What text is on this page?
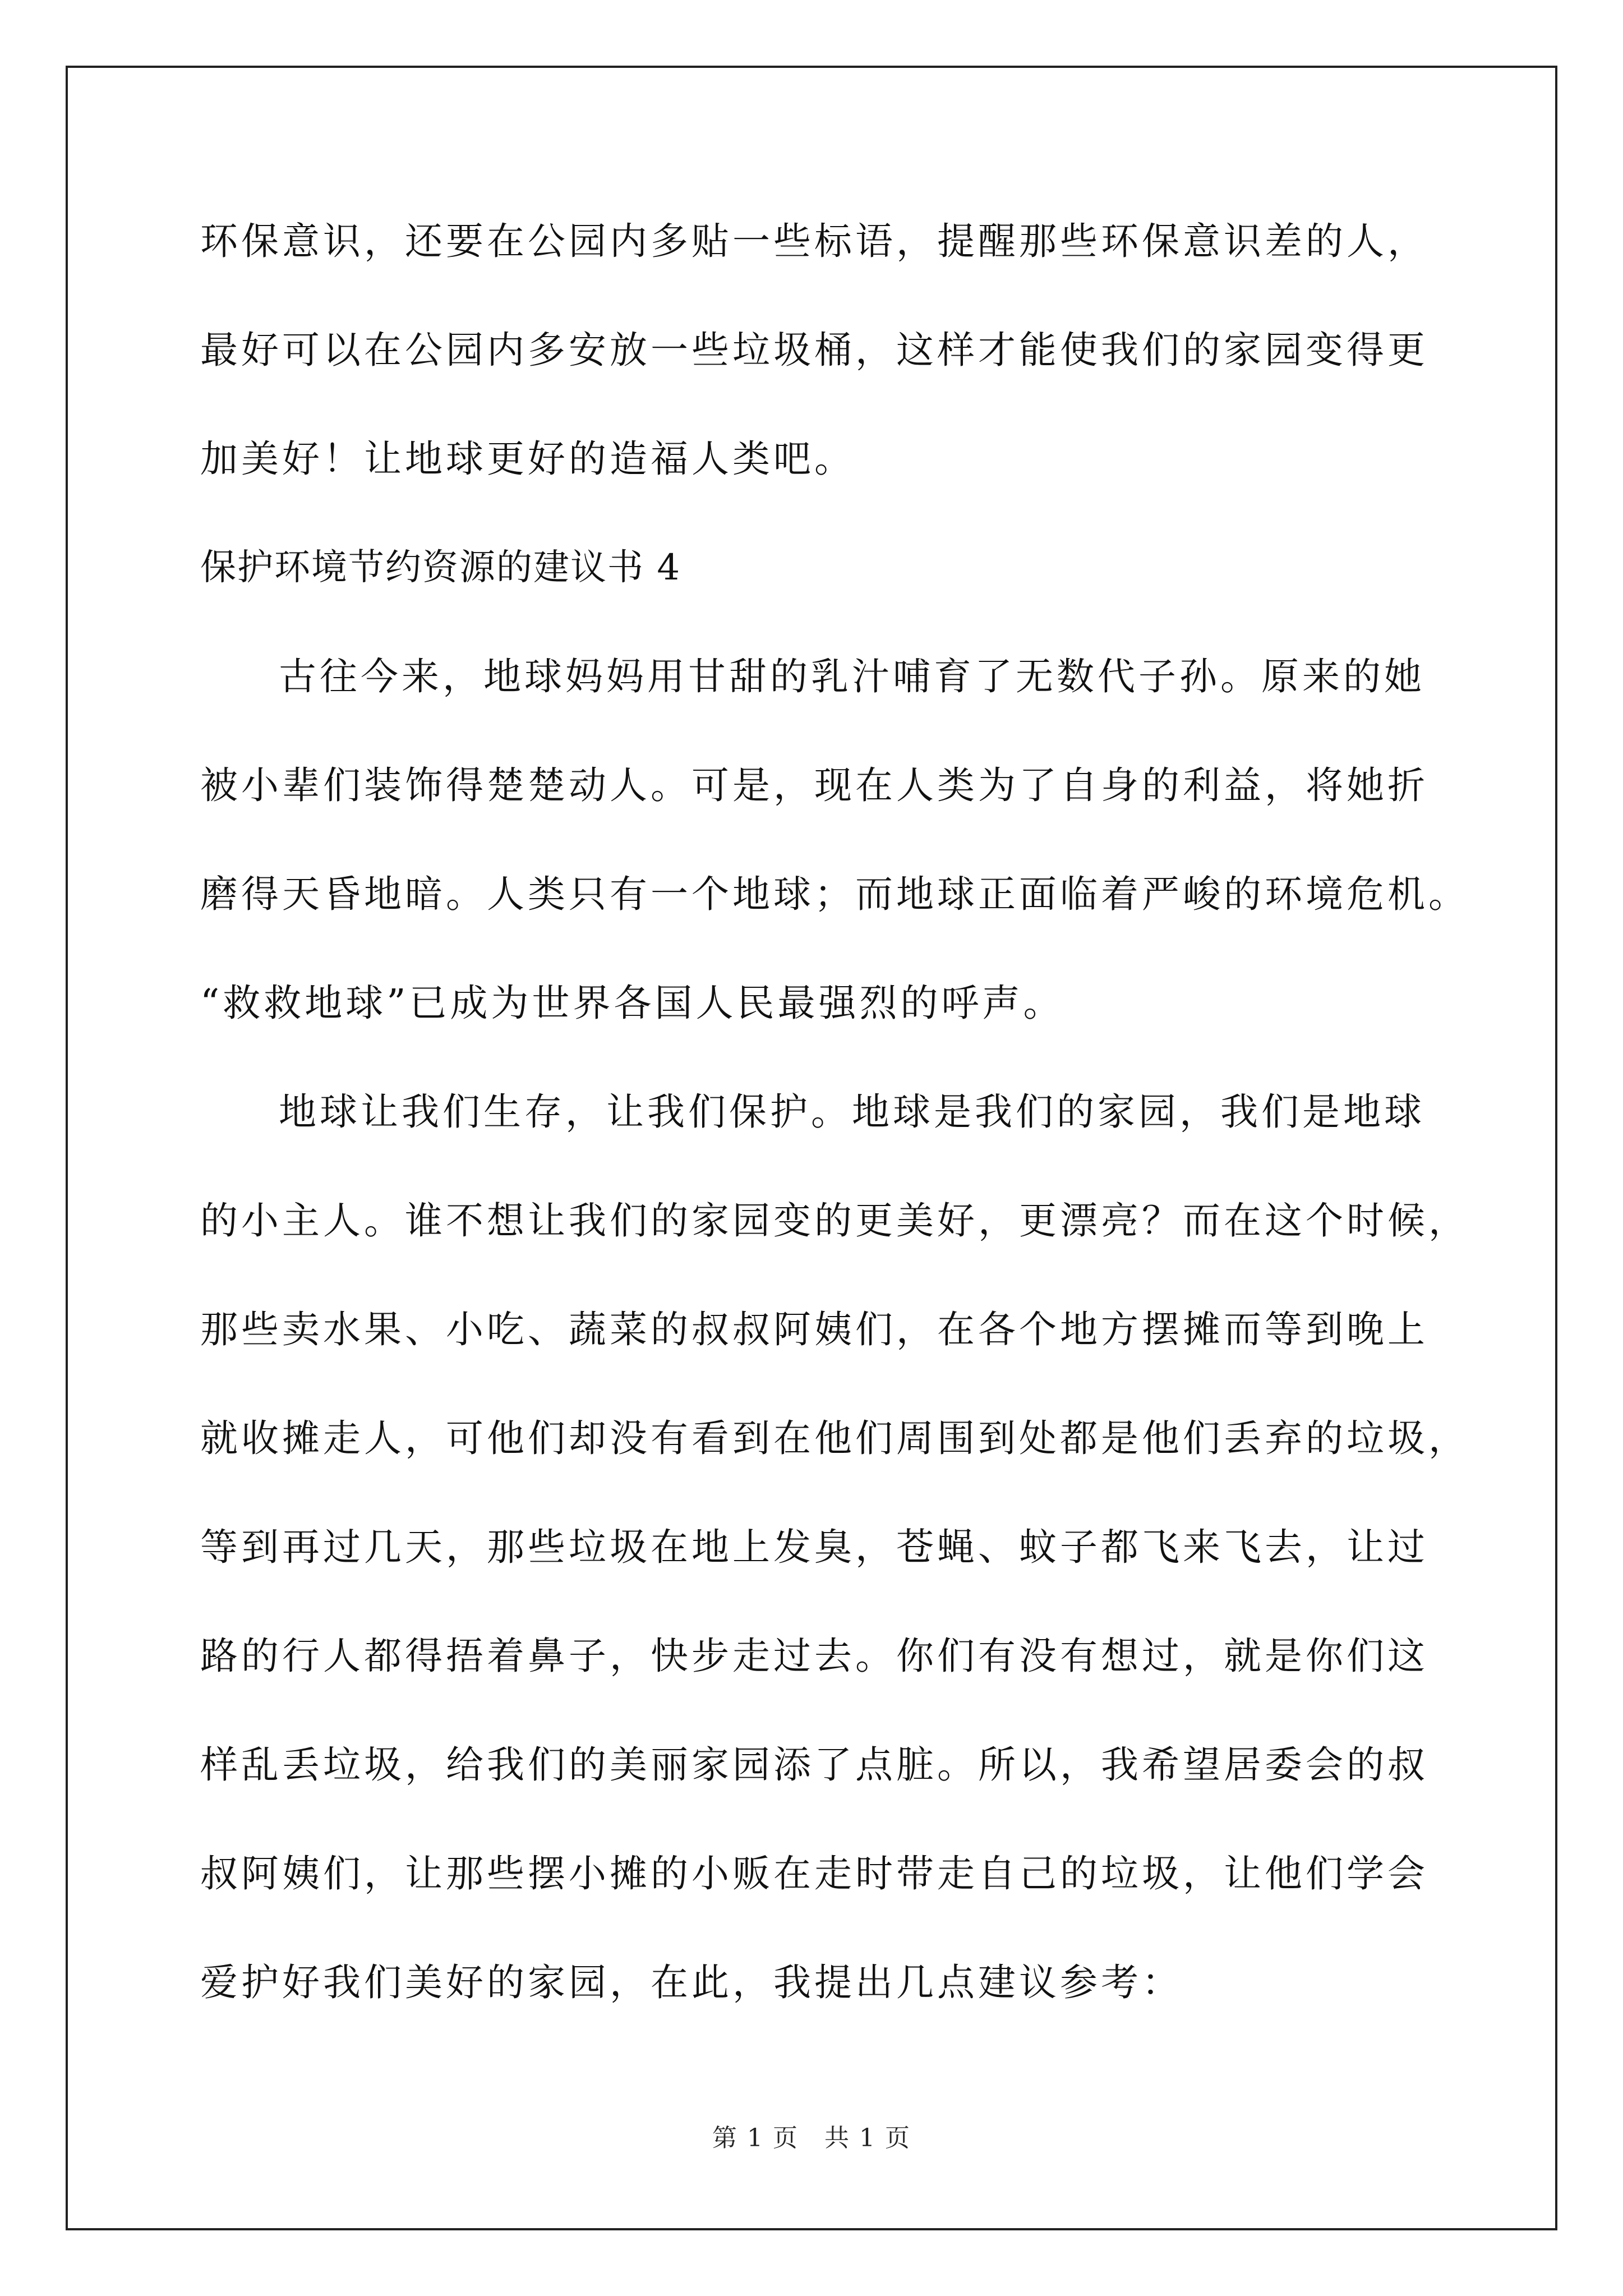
环保意识，还要在公园内多贴一些标语，提醒那些环保意识差的人，
最好可以在公园内多安放一些垃圾桶，这样才能使我们的家园变得更
加美好！让地球更好的造福人类吧。
保护环境节约资源的建议书 4
古往今来，地球妈妈用甘甜的乳汁哺育了无数代子孙。原来的她
被小辈们装饰得楚楚动人。可是，现在人类为了自身的利益，将她折
磨得天昏地暗。人类只有一个地球；而地球正面临着严峻的环境危机。
“救救地球”已成为世界各国人民最强烈的呼声。
地球让我们生存，让我们保护。地球是我们的家园，我们是地球
的小主人。谁不想让我们的家园变的更美好，更漂亮？而在这个时候，
那些卖水果、小吃、蔬菜的叔叔阿姨们，在各个地方摆摊而等到晚上
就收摊走人，可他们却没有看到在他们周围到处都是他们丢弃的垃圾，
等到再过几天，那些垃圾在地上发臭，苍蝇、蚊子都飞来飞去，让过
路的行人都得捂着鼻子，快步走过去。你们有没有想过，就是你们这
样乱丢垃圾，给我们的美丽家园添了点脏。所以，我希望居委会的叔
叔阿姨们，让那些摆小摊的小贩在走时带走自己的垃圾，让他们学会
爱护好我们美好的家园，在此，我提出几点建议参考：
第 1 页　共 1 页
